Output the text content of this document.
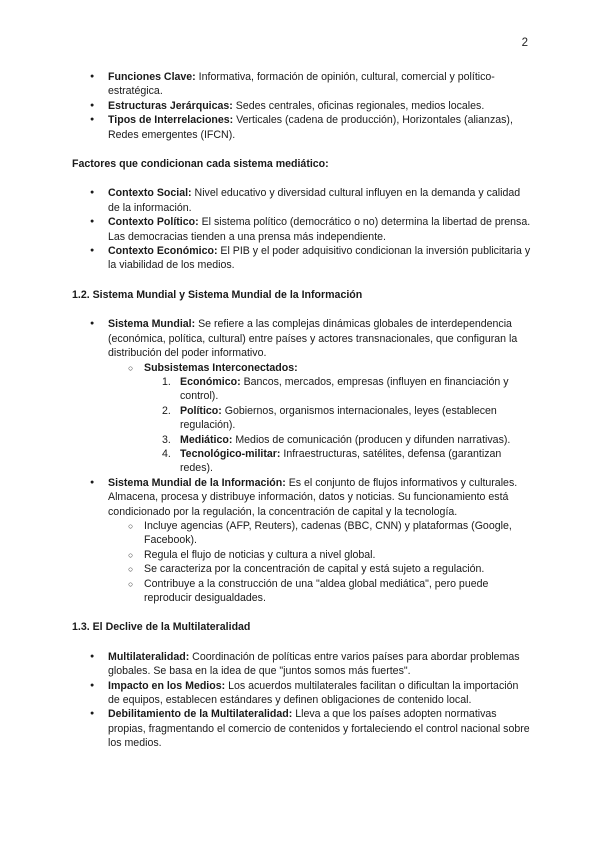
2
● Funciones Clave: Informativa, formación de opinión, cultural, comercial y político-estratégica.
● Estructuras Jerárquicas: Sedes centrales, oficinas regionales, medios locales.
● Tipos de Interrelaciones: Verticales (cadena de producción), Horizontales (alianzas), Redes emergentes (IFCN).

Factores que condicionan cada sistema mediático:

● Contexto Social: Nivel educativo y diversidad cultural influyen en la demanda y calidad de la información.
● Contexto Político: El sistema político (democrático o no) determina la libertad de prensa. Las democracias tienden a una prensa más independiente.
● Contexto Económico: El PIB y el poder adquisitivo condicionan la inversión publicitaria y la viabilidad de los medios.

1.2. Sistema Mundial y Sistema Mundial de la Información

● Sistema Mundial: Se refiere a las complejas dinámicas globales de interdependencia (económica, política, cultural) entre países y actores transnacionales, que configuran la distribución del poder informativo.
○ Subsistemas Interconectados:
1. Económico: Bancos, mercados, empresas (influyen en financiación y control).
2. Político: Gobiernos, organismos internacionales, leyes (establecen regulación).
3. Mediático: Medios de comunicación (producen y difunden narrativas).
4. Tecnológico-militar: Infraestructuras, satélites, defensa (garantizan redes).
● Sistema Mundial de la Información: Es el conjunto de flujos informativos y culturales. Almacena, procesa y distribuye información, datos y noticias. Su funcionamiento está condicionado por la regulación, la concentración de capital y la tecnología.
○ Incluye agencias (AFP, Reuters), cadenas (BBC, CNN) y plataformas (Google, Facebook).
○ Regula el flujo de noticias y cultura a nivel global.
○ Se caracteriza por la concentración de capital y está sujeto a regulación.
○ Contribuye a la construcción de una "aldea global mediática", pero puede reproducir desigualdades.

1.3. El Declive de la Multilateralidad

● Multilateralidad: Coordinación de políticas entre varios países para abordar problemas globales. Se basa en la idea de que "juntos somos más fuertes".
● Impacto en los Medios: Los acuerdos multilaterales facilitan o dificultan la importación de equipos, establecen estándares y definen obligaciones de contenido local.
● Debilitamiento de la Multilateralidad: Lleva a que los países adopten normativas propias, fragmentando el comercio de contenidos y fortaleciendo el control nacional sobre los medios.
